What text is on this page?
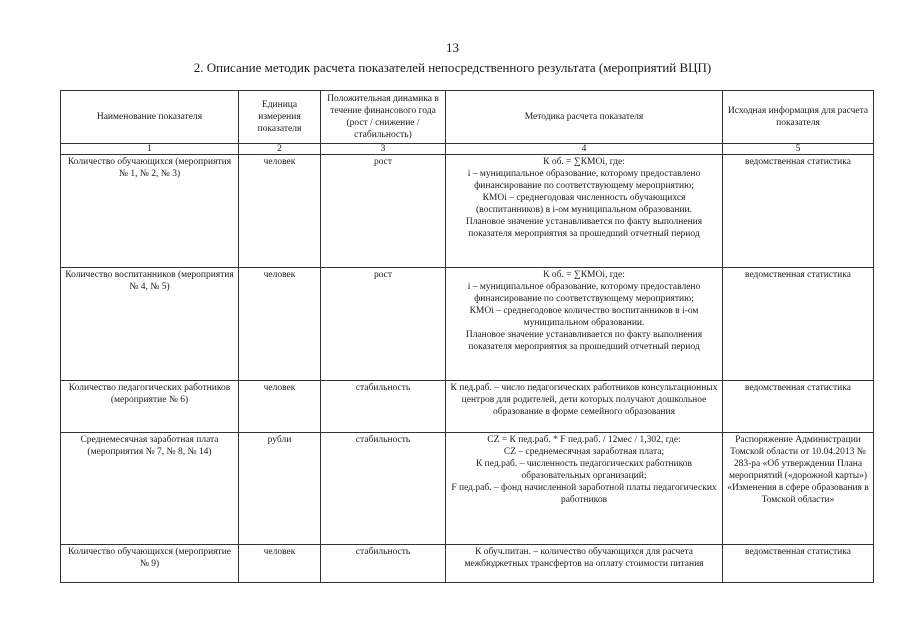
13
2. Описание методик расчета показателей непосредственного результата (мероприятий ВЦП)
Наименование показателя	Единица измерения показателя	Положительная динамика в течение финансового года (рост / снижение / стабильность)	Методика расчета показателя	Исходная информация для расчета показателя
1	2	3	4	5
Количество обучающихся (мероприятия № 1, № 2, № 3)	человек	рост	К об. = ∑КМОi, где:
i – муниципальное образование, которому предоставлено финансирование по соответствующему мероприятию;
КМОi – среднегодовая численность обучающихся (воспитанников) в i-ом муниципальном образовании.
Плановое значение устанавливается по факту выполнения показателя мероприятия за прошедший отчетный период	ведомственная статистика
Количество воспитанников (мероприятия № 4, № 5)	человек	рост	К об. = ∑КМОi, где:
i – муниципальное образование, которому предоставлено финансирование по соответствующему мероприятию;
КМОi – среднегодовое количество воспитанников в i-ом муниципальном образовании.
Плановое значение устанавливается по факту выполнения показателя мероприятия за прошедший отчетный период	ведомственная статистика
Количество педагогических работников (мероприятие № 6)	человек	стабильность	К пед.раб. – число педагогических работников консультационных центров для родителей, дети которых получают дошкольное образование в форме семейного образования	ведомственная статистика
Среднемесячная заработная плата (мероприятия № 7, № 8, № 14)	рубли	стабильность	CZ = К пед.раб. * F пед.раб. / 12мес / 1,302, где:
CZ – среднемесячная заработная плата;
К пед.раб. – численность педагогических работников образовательных организаций;
F пед.раб. – фонд начисленной заработной платы педагогических работников	Распоряжение Администрации Томской области от 10.04.2013 № 283-ра «Об утверждении Плана мероприятий («дорожной карты») «Изменения в сфере образования в Томской области»
Количество обучающихся (мероприятие № 9)	человек	стабильность	К обуч.питан. – количество обучающихся для расчета межбюджетных трансфертов на оплату стоимости питания	ведомственная статистика
